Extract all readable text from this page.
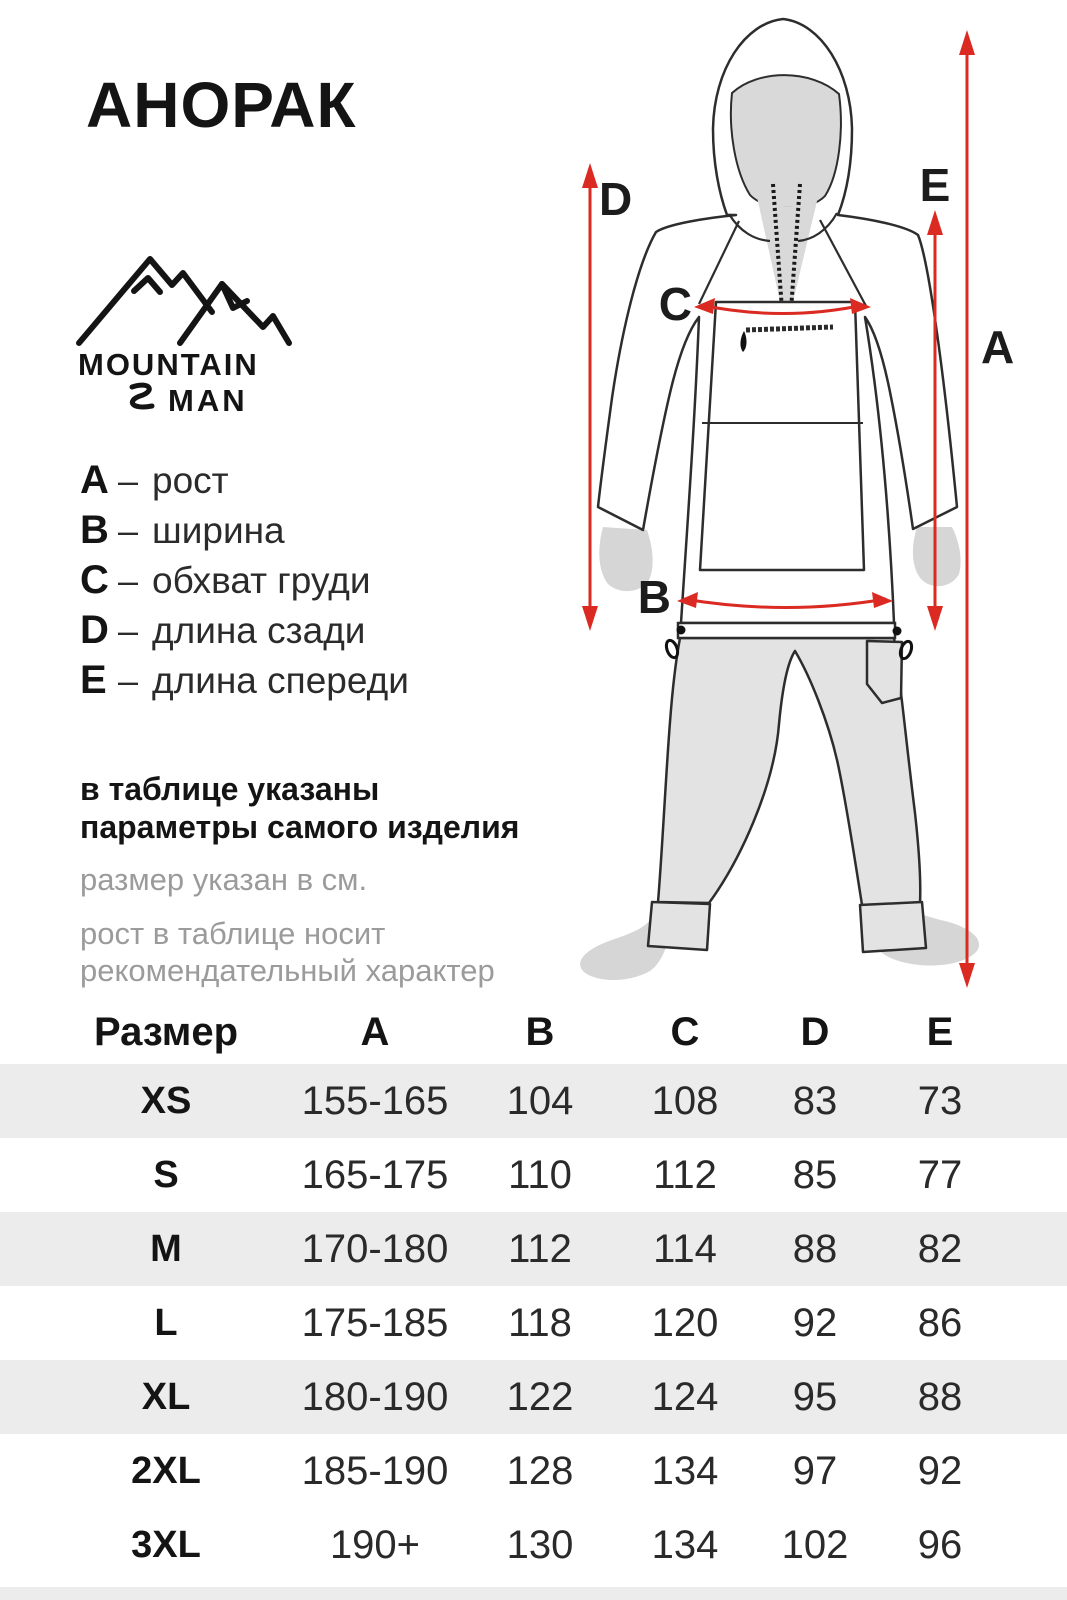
АНОРАК
MOUNTAIN
MAN
A – рост
B – ширина
C – обхват груди
D – длина сзади
E – длина спереди
в таблице указаны параметры самого изделия
размер указан в см.
рост в таблице носит рекомендательный характер
D	E
A
C
B
Размер	A	B	C	D	E
XS	155-165	104	108	83	73
S	165-175	110	112	85	77
M	170-180	112	114	88	82
L	175-185	118	120	92	86
XL	180-190	122	124	95	88
2XL	185-190	128	134	97	92
3XL	190+	130	134	102	96
